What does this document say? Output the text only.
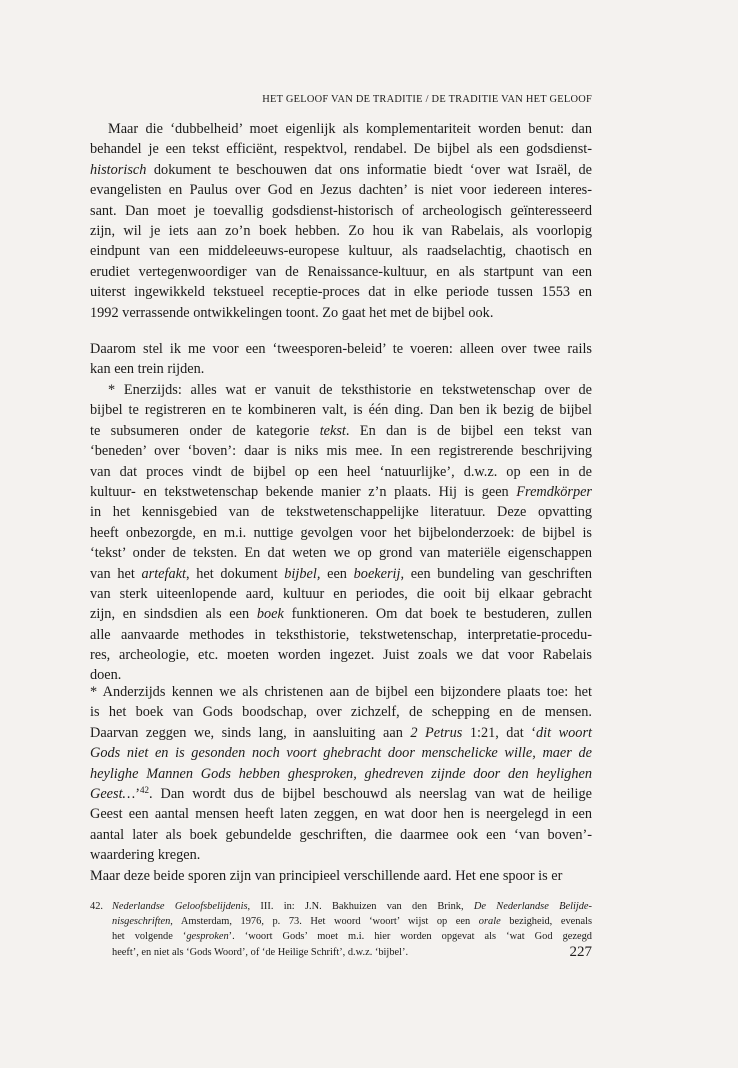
HET GELOOF VAN DE TRADITIE / DE TRADITIE VAN HET GELOOF
Maar die ‘dubbelheid’ moet eigenlijk als komplementariteit worden benut: dan
behandel je een tekst efficiënt, respektvol, rendabel. De bijbel als een godsdienst-
historisch dokument te beschouwen dat ons informatie biedt ‘over wat Israël, de
evangelisten en Paulus over God en Jezus dachten’ is niet voor iedereen interes-
sant. Dan moet je toevallig godsdienst-historisch of archeologisch geïnteresseerd
zijn, wil je iets aan zo’n boek hebben. Zo hou ik van Rabelais, als voorlopig
eindpunt van een middeleeuws-europese kultuur, als raadselachtig, chaotisch en
erudiet vertegenwoordiger van de Renaissance-kultuur, en als startpunt van een
uiterst ingewikkeld tekstueel receptie-proces dat in elke periode tussen 1553 en
1992 verrassende ontwikkelingen toont. Zo gaat het met de bijbel ook.
Daarom stel ik me voor een ‘tweesporen-beleid’ te voeren: alleen over twee rails
kan een trein rijden.
* Enerzijds: alles wat er vanuit de teksthistorie en tekstwetenschap over de
bijbel te registreren en te kombineren valt, is één ding. Dan ben ik bezig de bijbel
te subsumeren onder de kategorie tekst. En dan is de bijbel een tekst van
‘beneden’ over ‘boven’: daar is niks mis mee. In een registrerende beschrijving
van dat proces vindt de bijbel op een heel ‘natuurlijke’, d.w.z. op een in de
kultuur- en tekstwetenschap bekende manier z’n plaats. Hij is geen Fremdkörper
in het kennisgebied van de tekstwetenschappelijke literatuur. Deze opvatting
heeft onbezorgde, en m.i. nuttige gevolgen voor het bijbelonderzoek: de bijbel is
‘tekst’ onder de teksten. En dat weten we op grond van materiële eigenschappen
van het artefakt, het dokument bijbel, een boekerij, een bundeling van geschriften
van sterk uiteenlopende aard, kultuur en periodes, die ooit bij elkaar gebracht
zijn, en sindsdien als een boek funktioneren. Om dat boek te bestuderen, zullen
alle aanvaarde methodes in teksthistorie, tekstwetenschap, interpretatie-procedu-
res, archeologie, etc. moeten worden ingezet. Juist zoals we dat voor Rabelais
doen.
* Anderzijds kennen we als christenen aan de bijbel een bijzondere plaats toe: het
is het boek van Gods boodschap, over zichzelf, de schepping en de mensen.
Daarvan zeggen we, sinds lang, in aansluiting aan 2 Petrus 1:21, dat ‘dit woort
Gods niet en is gesonden noch voort ghebracht door menschelicke wille, maer de
heylighe Mannen Gods hebben ghesproken, ghedreven zijnde door den heylighen
Geest…’$^{42}$. Dan wordt dus de bijbel beschouwd als neerslag van wat de heilige
Geest een aantal mensen heeft laten zeggen, en wat door hen is neergelegd in een
aantal later als boek gebundelde geschriften, die daarmee ook een ‘van boven’-
waardering kregen.
Maar deze beide sporen zijn van principieel verschillende aard. Het ene spoor is er
42. Nederlandse Geloofsbelijdenis, III. in: J.N. Bakhuizen van den Brink, De Nederlandse Belijde-
nisgeschriften, Amsterdam, 1976, p. 73. Het woord ‘woort’ wijst op een orale bezigheid, evenals
het volgende ‘gesproken’. ‘woort Gods’ moet m.i. hier worden opgevat als ‘wat God gezegd
heeft’, en niet als ‘Gods Woord’, of ‘de Heilige Schrift’, d.w.z. ‘bijbel’.	227
